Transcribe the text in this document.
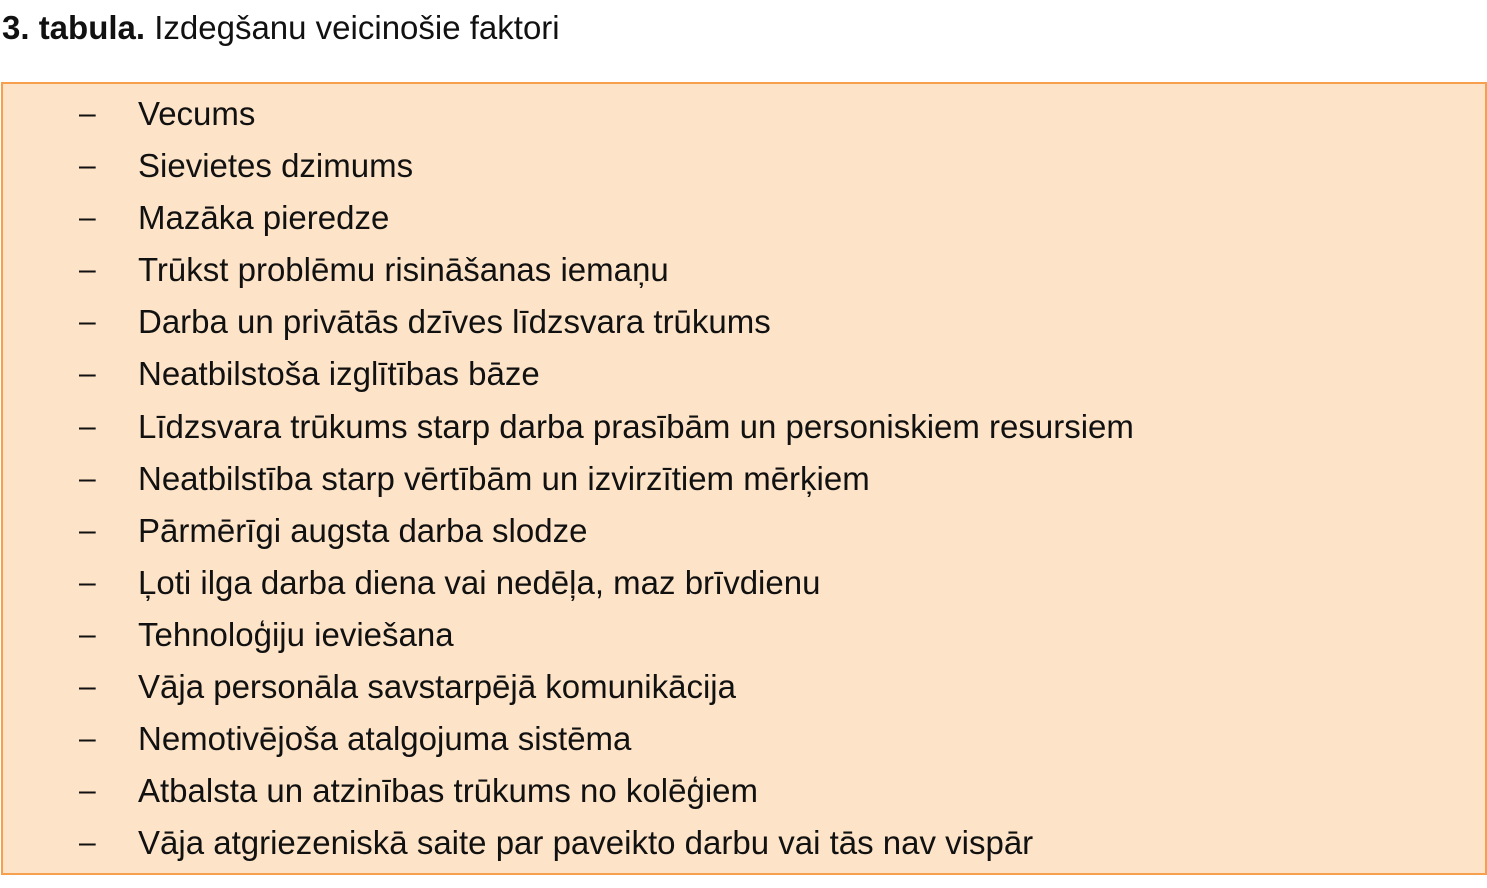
3. tabula. Izdegšanu veicinošie faktori
– Vecums
– Sievietes dzimums
– Mazāka pieredze
– Trūkst problēmu risināšanas iemaņu
– Darba un privātās dzīves līdzsvara trūkums
– Neatbilstoša izglītības bāze
– Līdzsvara trūkums starp darba prasībām un personiskiem resursiem
– Neatbilstība starp vērtībām un izvirzītiem mērķiem
– Pārmērīgi augsta darba slodze
– Ļoti ilga darba diena vai nedēļa, maz brīvdienu
– Tehnoloģiju ieviešana
– Vāja personāla savstarpējā komunikācija
– Nemotivējoša atalgojuma sistēma
– Atbalsta un atzinības trūkums no kolēģiem
– Vāja atgriezeniskā saite par paveikto darbu vai tās nav vispār
